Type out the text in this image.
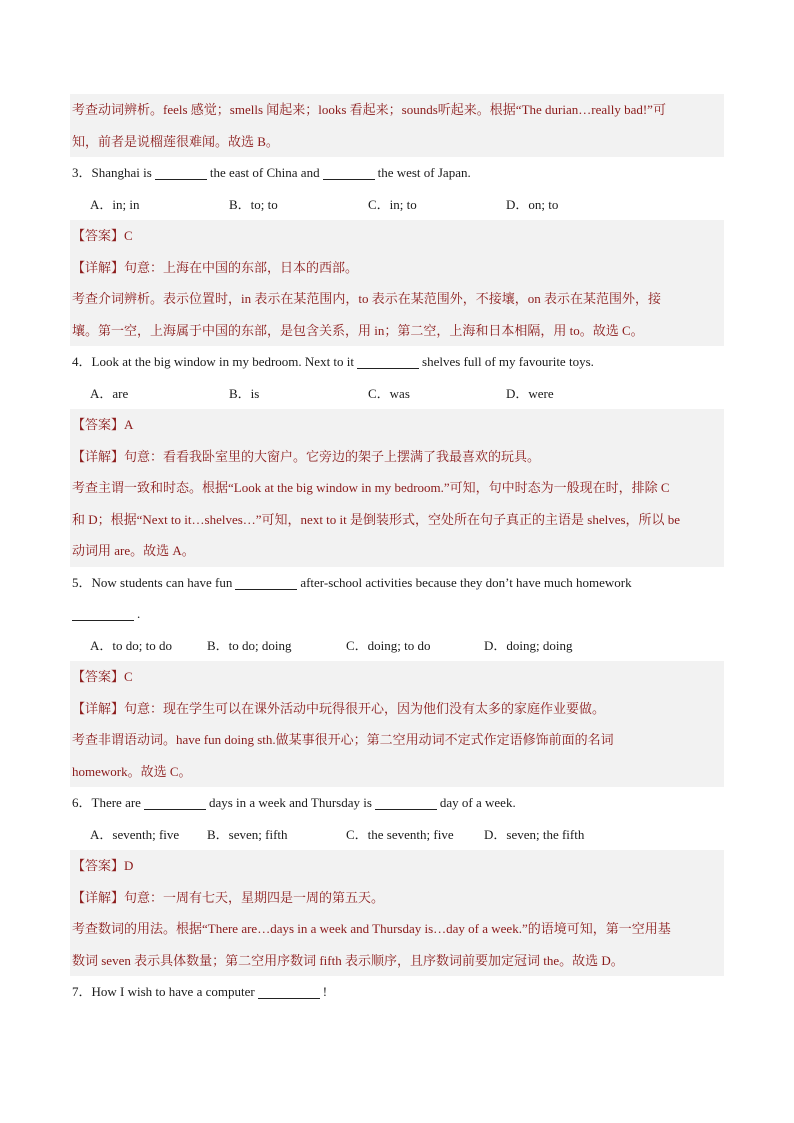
考查动词辨析。feels 感觉；smells 闻起来；looks 看起来；sounds听起来。根据“The durian…really bad!”可
知，前者是说榴莲很难闻。故选 B。
3．Shanghai is	the east of China and	the west of Japan.
A．in; in	B．to; to	C．in; to	D．on; to
【答案】C
【详解】句意：上海在中国的东部，日本的西部。
考查介词辨析。表示位置时，in 表示在某范围内，to 表示在某范围外，不接壤，on 表示在某范围外，接
壤。第一空，上海属于中国的东部，是包含关系，用 in；第二空，上海和日本相隔，用 to。故选 C。
4．Look at the big window in my bedroom. Next to it	shelves full of my favourite toys.
A．are	B．is	C．was	D．were
【答案】A
【详解】句意：看看我卧室里的大窗户。它旁边的架子上摆满了我最喜欢的玩具。
考查主谓一致和时态。根据“Look at the big window in my bedroom.”可知，句中时态为一般现在时，排除 C
和 D；根据“Next to it…shelves…”可知，next to it 是倒装形式，空处所在句子真正的主语是 shelves，所以 be
动词用 are。故选 A。
5．Now students can have fun	after-school activities because they don’t have much homework
.
A．to do; to do	B．to do; doing	C．doing; to do	D．doing; doing
【答案】C
【详解】句意：现在学生可以在课外活动中玩得很开心，因为他们没有太多的家庭作业要做。
考查非谓语动词。have fun doing sth.做某事很开心；第二空用动词不定式作定语修饰前面的名词
homework。故选 C。
6．There are	days in a week and Thursday is	day of a week.
A．seventh; five B．seven; fifth	C．the seventh; five D．seven; the fifth
【答案】D
【详解】句意：一周有七天，星期四是一周的第五天。
考查数词的用法。根据“There are…days in a week and Thursday is…day of a week.”的语境可知，第一空用基
数词 seven 表示具体数量；第二空用序数词 fifth 表示顺序，且序数词前要加定冠词 the。故选 D。
7．How I wish to have a computer	!
